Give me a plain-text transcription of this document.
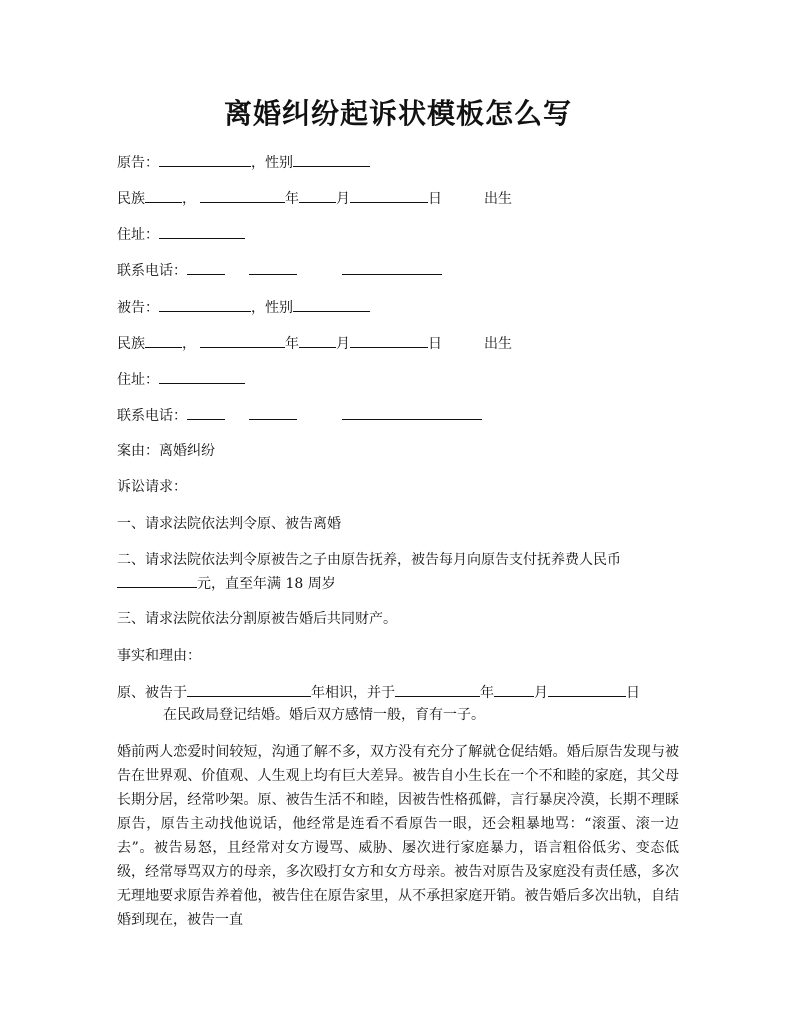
离婚纠纷起诉状模板怎么写
原告：	，性别
民族	，	年	月	日	出生
住址：
联系电话：
被告：	，性别
民族	，	年	月	日	出生
住址：
联系电话：
案由：离婚纠纷
诉讼请求：
一、请求法院依法判令原、被告离婚
二、请求法院依法判令原被告之子由原告抚养，被告每月向原告支付抚养费人民币
元，直至年满 18 周岁
三、请求法院依法分割原被告婚后共同财产。
事实和理由：
原、被告于	年相识，并于	年	月	日
在民政局登记结婚。婚后双方感情一般，育有一子。
婚前两人恋爱时间较短，沟通了解不多，双方没有充分了解就仓促结婚。婚后原告发现与被告在世界观、价值观、人生观上均有巨大差异。被告自小生长在一个不和睦的家庭，其父母长期分居，经常吵架。原、被告生活不和睦，因被告性格孤僻，言行暴戾冷漠，长期不理睬原告，原告主动找他说话，他经常是连看不看原告一眼，还会粗暴地骂：“滚蛋、滚一边去”。被告易怒，且经常对女方谩骂、威胁、屡次进行家庭暴力，语言粗俗低劣、变态低级，经常辱骂双方的母亲，多次殴打女方和女方母亲。被告对原告及家庭没有责任感，多次无理地要求原告养着他，被告住在原告家里，从不承担家庭开销。被告婚后多次出轨，自结婚到现在，被告一直
